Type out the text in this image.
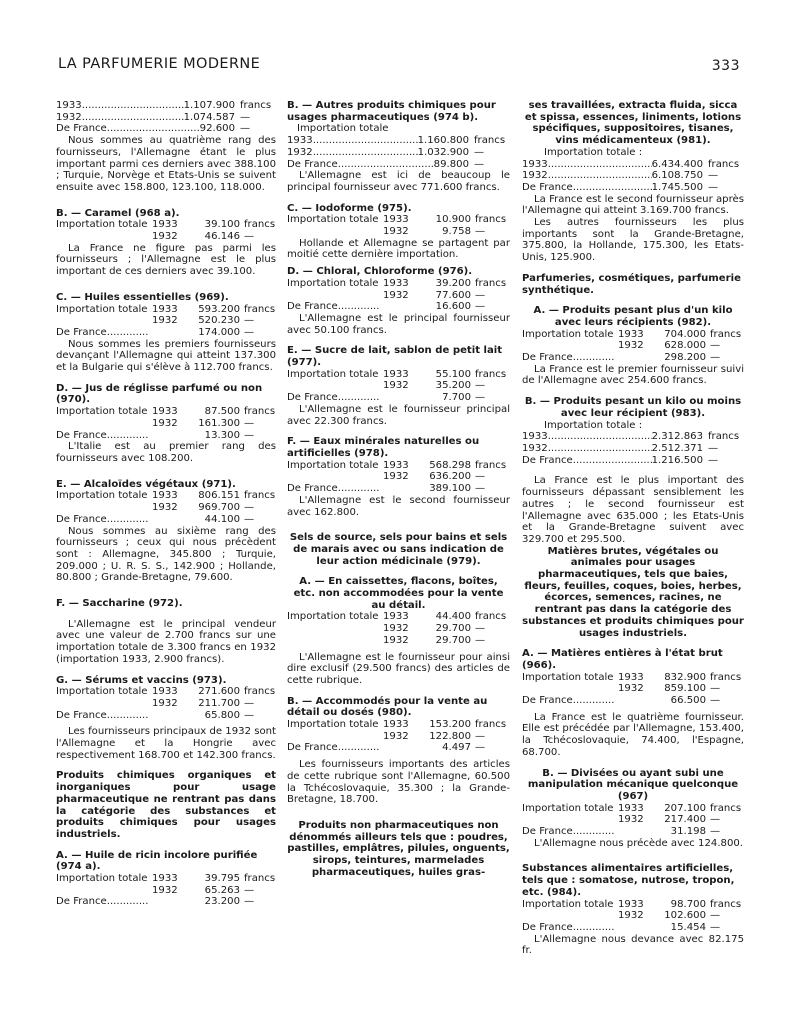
LA PARFUMERIE MODERNE	333
1933 .....	1.107.900 francs
1932 .....	1.074.587 —
De France .....	92.600 —

Nous sommes au quatrième rang des fournisseurs, l'Allemagne étant le plus important parmi ces derniers avec 388.100 ; Turquie, Norvège et Etats-Unis se suivent ensuite avec 158.800, 123.100, 118.000.

B. — Caramel (968 a).

Importation totale 1933	39.100 francs
1932	46.146 —

La France ne figure pas parmi les fournisseurs ; l'Allemagne est le plus important de ces derniers avec 39.100.

C. — Huiles essentielles (969).

Importation totale 1933	593.200 francs
1932	520.230 —
De France.............	174.000 —

Nous sommes les premiers fournisseurs devançant l'Allemagne qui atteint 137.300 et la Bulgarie qui s'élève à 112.700 francs.

D. — Jus de réglisse parfumé ou non (970).

Importation totale 1933	87.500 francs
1932	161.300 —
De France.............	13.300 —

L'Italie est au premier rang des fournisseurs avec 108.200.

E. — Alcaloïdes végétaux (971).

Importation totale 1933	806.151 francs
1932	969.700 —
De France.............	44.100 —

Nous sommes au sixième rang des fournisseurs ; ceux qui nous précèdent sont : Allemagne, 345.800 ; Turquie, 209.000 ; U. R. S. S., 142.900 ; Hollande, 80.800 ; Grande-Bretagne, 79.600.

F. — Saccharine (972).

L'Allemagne est le principal vendeur avec une valeur de 2.700 francs sur une importation totale de 3.300 francs en 1932 (importation 1933, 2.900 francs).

G. — Sérums et vaccins (973).

Importation totale 1933	271.600 francs
1932	211.700 —
De France.............	65.800 —

Les fournisseurs principaux de 1932 sont l'Allemagne et la Hongrie avec respectivement 168.700 et 142.300 francs.

Produits chimiques organiques et inorganiques pour usage pharmaceutique ne rentrant pas dans la catégorie des substances et produits chimiques pour usages industriels.

A. — Huile de ricin incolore purifiée (974 a).

Importation totale 1933	39.795 francs
1932	65.263 —
De France.............	23.200 —

B. — Autres produits chimiques pour usages pharmaceutiques (974 b).

Importation totale

1933 .....	1.160.800 francs
1932 .....	1.032.900 —
De France .....	89.800 —

L'Allemagne est ici de beaucoup le principal fournisseur avec 771.600 francs.

C. — Iodoforme (975).

Importation totale 1933	10.900 francs
1932	9.758 —

Hollande et Allemagne se partagent par moitié cette dernière importation.

D. — Chloral, Chloroforme (976).

Importation totale 1933	39.200 francs
1932	77.600 —
De France.............	16.600 —

L'Allemagne est le principal fournisseur avec 50.100 francs.

E. — Sucre de lait, sablon de petit lait (977).

Importation totale 1933	55.100 francs
1932	35.200 —
De France.............	7.700 —

L'Allemagne est le fournisseur principal avec 22.300 francs.

F. — Eaux minérales naturelles ou artificielles (978).

Importation totale 1933	568.298 francs
1932	636.200 —
De France.............	389.100 —

L'Allemagne est le second fournisseur avec 162.800.

Sels de source, sels pour bains et sels de marais avec ou sans indication de leur action médicinale (979).

A. — En caissettes, flacons, boîtes, etc. non accommodées pour la vente au détail.

Importation totale 1933	44.400 francs
1932	29.700 —
1932	29.700 —

L'Allemagne est le fournisseur pour ainsi dire exclusif (29.500 francs) des articles de cette rubrique.

B. — Accommodés pour la vente au détail ou dosés (980).

Importation totale 1933	153.200 francs
1932	122.800 —
De France.............	4.497 —

Les fournisseurs importants des articles de cette rubrique sont l'Allemagne, 60.500 la Tchécoslovaquie, 35.300 ; la Grande-Bretagne, 18.700.

Produits non pharmaceutiques non dénommés ailleurs tels que : poudres, pastilles, emplâtres, pilules, onguents, sirops, teintures, marmelades pharmaceutiques, huiles gras-

ses travaillées, extracta fluida, sicca et spissa, essences, liniments, lotions spécifiques, suppositoires, tisanes, vins médicamenteux (981).

Importation totale :

1933 .....	6.434.400 francs
1932 .....	6.108.750 —
De France .....	1.745.500 —

La France est le second fournisseur après l'Allemagne qui atteint 3.169.700 francs.

Les autres fournisseurs les plus importants sont la Grande-Bretagne, 375.800, la Hollande, 175.300, les Etats-Unis, 125.900.

Parfumeries, cosmétiques, parfumerie synthétique.

A. — Produits pesant plus d'un kilo avec leurs récipients (982).

Importation totale 1933	704.000 francs
1932	628.000 —
De France.............	298.200 —

La France est le premier fournisseur suivi de l'Allemagne avec 254.600 francs.

B. — Produits pesant un kilo ou moins avec leur récipient (983).

Importation totale :

1933 .....	2.312.863 francs
1932 .....	2.512.371 —
De France .....	1.216.500 —

La France est le plus important des fournisseurs dépassant sensiblement les autres ; le second fournisseur est l'Allemagne avec 635.000 ; les Etats-Unis et la Grande-Bretagne suivent avec 329.700 et 295.500.

Matières brutes, végétales ou animales pour usages pharmaceutiques, tels que baies, fleurs, feuilles, coques, boies, herbes, écorces, semences, racines, ne rentrant pas dans la catégorie des substances et produits chimiques pour usages industriels.

A. — Matières entières à l'état brut (966).

Importation totale 1933	832.900 francs
1932	859.100 —
De France.............	66.500 —

La France est le quatrième fournisseur. Elle est précédée par l'Allemagne, 153.400, la Tchécoslovaquie, 74.400, l'Espagne, 68.700.

B. — Divisées ou ayant subi une manipulation mécanique quelconque (967)

Importation totale 1933	207.100 francs
1932	217.400 —
De France.............	31.198 —

L'Allemagne nous précède avec 124.800.

Substances alimentaires artificielles, tels que : somatose, nutrose, tropon, etc. (984).

Importation totale 1933	98.700 francs
1932	102.600 —
De France.............	15.454 —

L'Allemagne nous devance avec 82.175 fr.
